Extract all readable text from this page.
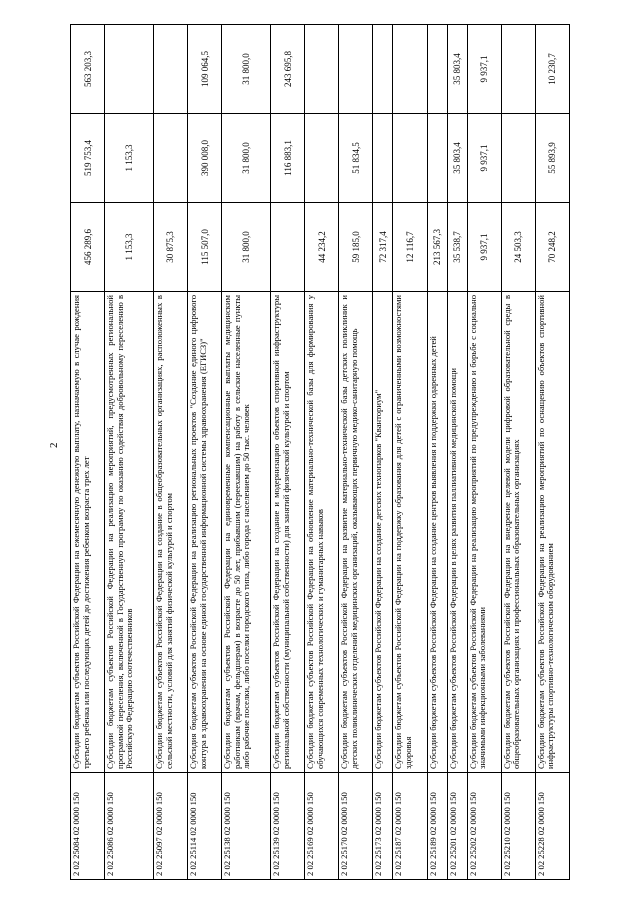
2
2 02 25084 02 0000 150	Субсидии бюджетам субъектов Российской Федерации на ежемесячную денежную выплату, назначаемую в случае рождения третьего ребенка или последующих детей до достижения ребенком возраста трех лет	456 289,6	519 753,4	563 203,3
2 02 25086 02 0000 150	Субсидии бюджетам субъектов Российской Федерации на реализацию мероприятий, предусмотренных региональной программой переселения, включенной в Государственную программу по оказанию содействия добровольному переселению в Российскую Федерацию соотечественников	1 153,3	1 153,3	
2 02 25097 02 0000 150	Субсидии бюджетам субъектов Российской Федерации на создание в общеобразовательных организациях, расположенных в сельской местности, условий для занятий физической культурой и спортом	30 875,3		
2 02 25114 02 0000 150	Субсидия бюджетам субъектов Российской Федерации на реализацию региональных проектов "Создание единого цифрового контура в здравоохранении на основе единой государственной информационной системы здравоохранения (ЕГИСЗ)"	115 507,0	390 008,0	109 064,5
2 02 25138 02 0000 150	Субсидии бюджетам субъектов Российской Федерации на единовременные компенсационные выплаты медицинским работникам (врачам, фельдшерам) в возрасте до 50 лет, прибывшим (переехавшим) на работу в сельские населенные пункты либо рабочие поселки, либо поселки городского типа, либо города с населением до 50 тыс. человек	31 800,0	31 800,0	31 800,0
2 02 25139 02 0000 150	Субсидии бюджетам субъектов Российской Федерации на создание и модернизацию объектов спортивной инфраструктуры региональной собственности (муниципальной собственности) для занятий физической культурой и спортом		116 883,1	243 695,8
2 02 25169 02 0000 150	Субсидии бюджетам субъектов Российской Федерации на обновление материально-технической базы для формирования у обучающихся современных технологических и гуманитарных навыков	44 234,2		
2 02 25170 02 0000 150	Субсидии бюджетам субъектов Российской Федерации на развитие материально-технической базы детских поликлиник и детских поликлинических отделений медицинских организаций, оказывающих первичную медико-санитарную помощь	59 185,0	51 834,5	
2 02 25173 02 0000 150	Субсидии бюджетам субъектов Российской Федерации на создание детских технопарков "Кванториум"	72 317,4		
2 02 25187 02 0000 150	Субсидии бюджетам субъектов Российской Федерации на поддержку образования для детей с ограниченными возможностями здоровья	12 116,7		
2 02 25189 02 0000 150	Субсидии бюджетам субъектов Российской Федерации на создание центров выявления и поддержки одаренных детей	213 567,3		
2 02 25201 02 0000 150	Субсидии бюджетам субъектов Российской Федерации в целях развития паллиативной медицинской помощи	35 538,7	35 803,4	35 803,4
2 02 25202 02 0000 150	Субсидии бюджетам субъектов Российской Федерации на реализацию мероприятий по предупреждению и борьбе с социально значимыми инфекционными заболеваниями	9 937,1	9 937,1	9 937,1
2 02 25210 02 0000 150	Субсидии бюджетам субъектов Российской Федерации на внедрение целевой модели цифровой образовательной среды в общеобразовательных организациях и профессиональных образовательных организациях	24 503,3		
2 02 25228 02 0000 150	Субсидии бюджетам субъектов Российской Федерации на реализацию мероприятий по оснащению объектов спортивной инфраструктуры спортивно-технологическим оборудованием	70 248,2	55 893,9	10 230,7
